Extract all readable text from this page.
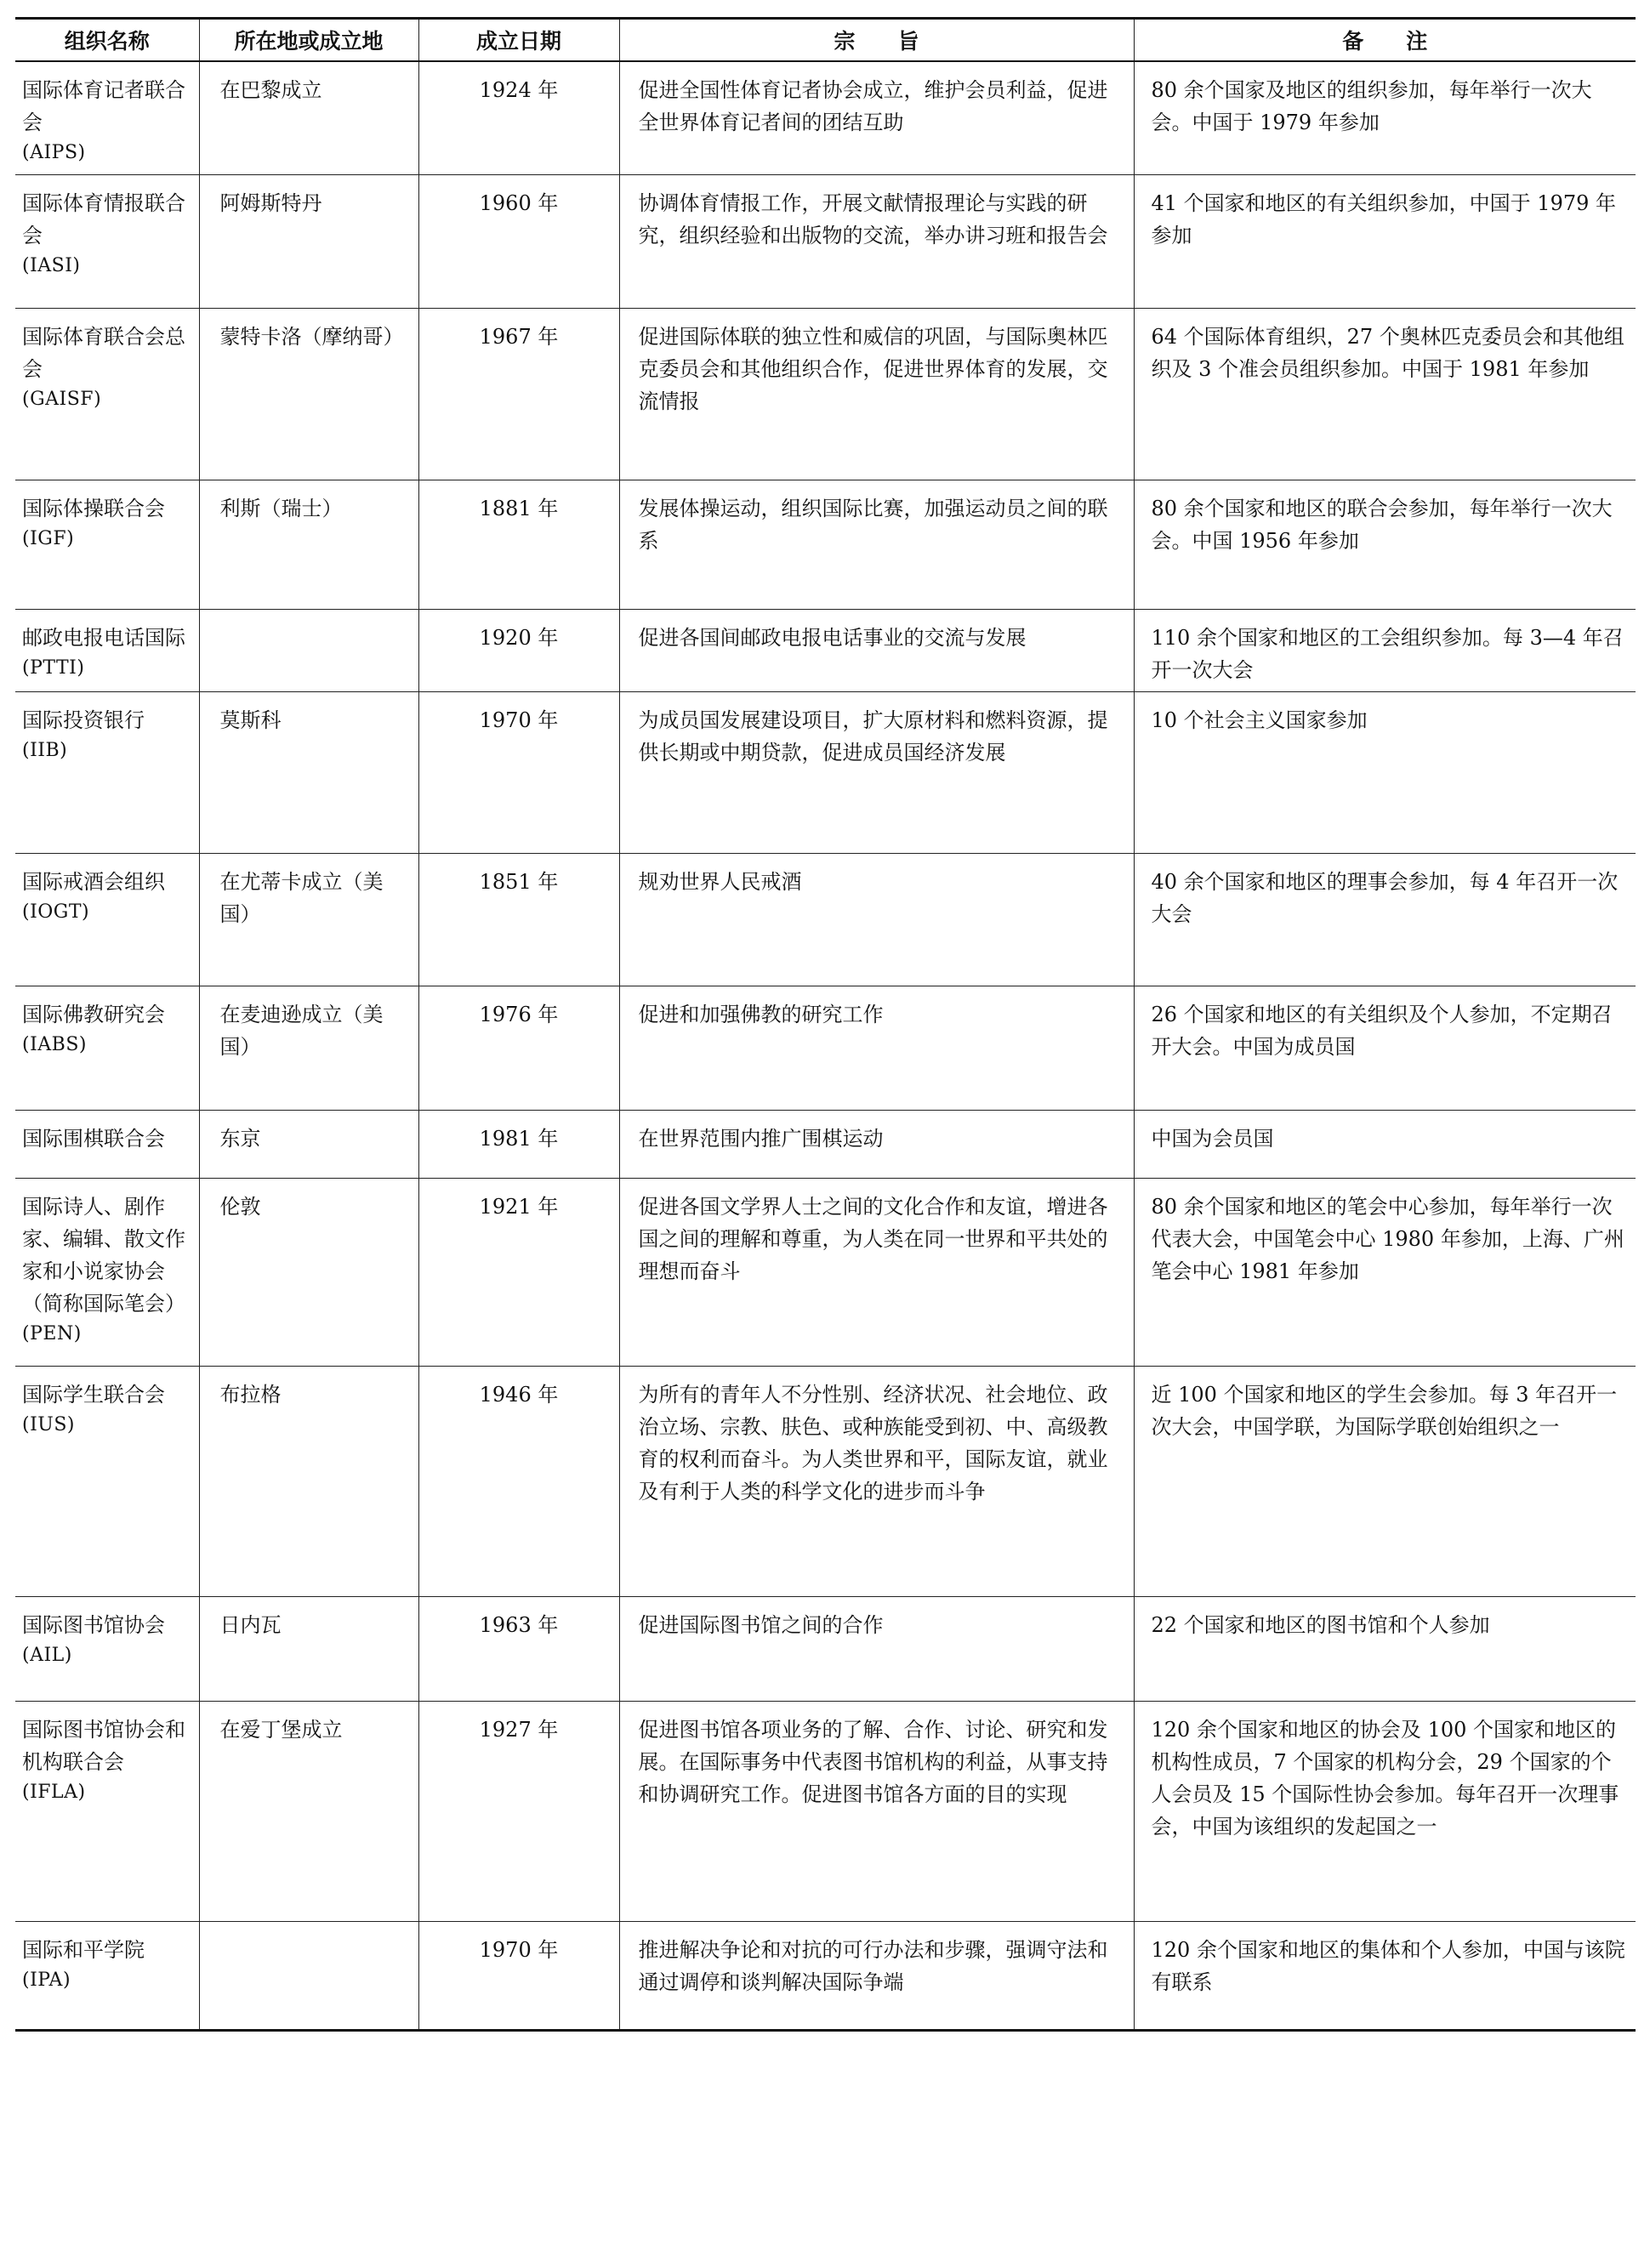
组织名称	所在地或成立地	成立日期	宗　　旨	备　　注

国际体育记者联合会
(AIPS)	在巴黎成立	1924 年	促进全国性体育记者协会成立，维护会员利益，促进全世界体育记者间的团结互助	80 余个国家及地区的组织参加，每年举行一次大会。中国于 1979 年参加

国际体育情报联合会
(IASI)	阿姆斯特丹	1960 年	协调体育情报工作，开展文献情报理论与实践的研究，组织经验和出版物的交流，举办讲习班和报告会	41 个国家和地区的有关组织参加，中国于 1979 年参加

国际体育联合会总会
(GAISF)	蒙特卡洛（摩纳哥）	1967 年	促进国际体联的独立性和威信的巩固，与国际奥林匹克委员会和其他组织合作，促进世界体育的发展，交流情报	64 个国际体育组织，27 个奥林匹克委员会和其他组织及 3 个准会员组织参加。中国于 1981 年参加

国际体操联合会
(IGF)	利斯（瑞士）	1881 年	发展体操运动，组织国际比赛，加强运动员之间的联系	80 余个国家和地区的联合会参加，每年举行一次大会。中国 1956 年参加

邮政电报电话国际
(PTTI)		1920 年	促进各国间邮政电报电话事业的交流与发展	110 余个国家和地区的工会组织参加。每 3—4 年召开一次大会

国际投资银行
(IIB)	莫斯科	1970 年	为成员国发展建设项目，扩大原材料和燃料资源，提供长期或中期贷款，促进成员国经济发展	10 个社会主义国家参加

国际戒酒会组织
(IOGT)	在尤蒂卡成立（美国）	1851 年	规劝世界人民戒酒	40 余个国家和地区的理事会参加，每 4 年召开一次大会

国际佛教研究会
(IABS)	在麦迪逊成立（美国）	1976 年	促进和加强佛教的研究工作	26 个国家和地区的有关组织及个人参加，不定期召开大会。中国为成员国

国际围棋联合会	东京	1981 年	在世界范围内推广围棋运动	中国为会员国

国际诗人、剧作家、编辑、散文作家和小说家协会（简称国际笔会）
(PEN)	伦敦	1921 年	促进各国文学界人士之间的文化合作和友谊，增进各国之间的理解和尊重，为人类在同一世界和平共处的理想而奋斗	80 余个国家和地区的笔会中心参加，每年举行一次代表大会，中国笔会中心 1980 年参加，上海、广州笔会中心 1981 年参加

国际学生联合会
(IUS)	布拉格	1946 年	为所有的青年人不分性别、经济状况、社会地位、政治立场、宗教、肤色、或种族能受到初、中、高级教育的权利而奋斗。为人类世界和平，国际友谊，就业及有利于人类的科学文化的进步而斗争	近 100 个国家和地区的学生会参加。每 3 年召开一次大会，中国学联，为国际学联创始组织之一

国际图书馆协会
(AIL)	日内瓦	1963 年	促进国际图书馆之间的合作	22 个国家和地区的图书馆和个人参加

国际图书馆协会和机构联合会
(IFLA)	在爱丁堡成立	1927 年	促进图书馆各项业务的了解、合作、讨论、研究和发展。在国际事务中代表图书馆机构的利益，从事支持和协调研究工作。促进图书馆各方面的目的实现	120 余个国家和地区的协会及 100 个国家和地区的机构性成员，7 个国家的机构分会，29 个国家的个人会员及 15 个国际性协会参加。每年召开一次理事会，中国为该组织的发起国之一

国际和平学院
(IPA)		1970 年	推进解决争论和对抗的可行办法和步骤，强调守法和通过调停和谈判解决国际争端	120 余个国家和地区的集体和个人参加，中国与该院有联系
